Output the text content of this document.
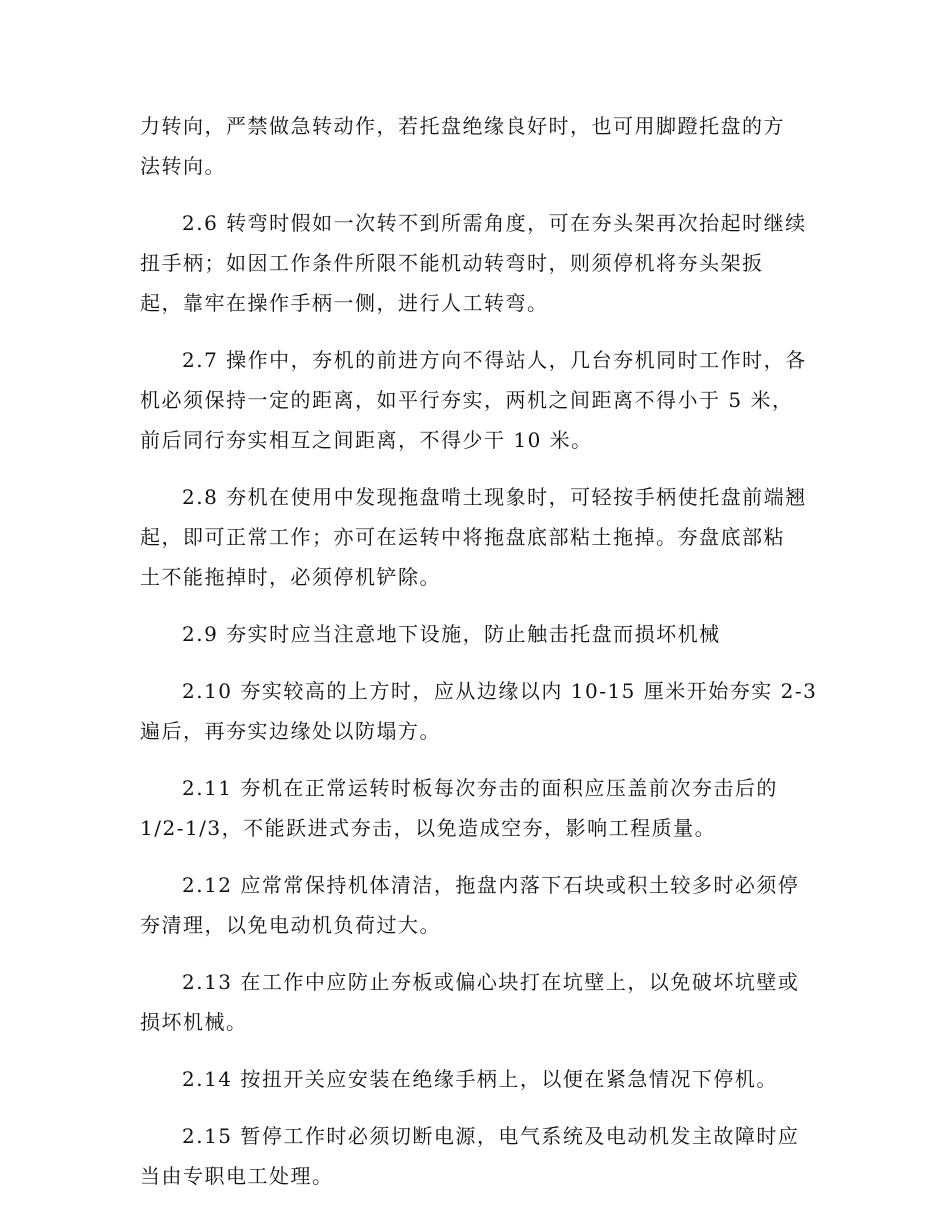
力转向，严禁做急转动作，若托盘绝缘良好时，也可用脚蹬托盘的方
法转向。
2.6 转弯时假如一次转不到所需角度，可在夯头架再次抬起时继续
扭手柄；如因工作条件所限不能机动转弯时，则须停机将夯头架扳
起，靠牢在操作手柄一侧，进行人工转弯。
2.7 操作中，夯机的前进方向不得站人，几台夯机同时工作时，各
机必须保持一定的距离，如平行夯实，两机之间距离不得小于 5 米，
前后同行夯实相互之间距离，不得少干 10 米。
2.8 夯机在使用中发现拖盘啃土现象时，可轻按手柄使托盘前端翘
起，即可正常工作；亦可在运转中将拖盘底部粘土拖掉。夯盘底部粘
土不能拖掉时，必须停机铲除。
2.9 夯实时应当注意地下设施，防止触击托盘而损坏机械
2.10 夯实较高的上方时，应从边缘以内 10-15 厘米开始夯实 2-3
遍后，再夯实边缘处以防塌方。
2.11 夯机在正常运转时板每次夯击的面积应压盖前次夯击后的
1/2-1/3，不能跃进式夯击，以免造成空夯，影响工程质量。
2.12 应常常保持机体清洁，拖盘内落下石块或积土较多时必须停
夯清理，以免电动机负荷过大。
2.13 在工作中应防止夯板或偏心块打在坑壁上，以免破坏坑壁或
损坏机械。
2.14 按扭开关应安装在绝缘手柄上，以便在紧急情况下停机。
2.15 暂停工作时必须切断电源，电气系统及电动机发主故障时应
当由专职电工处理。
